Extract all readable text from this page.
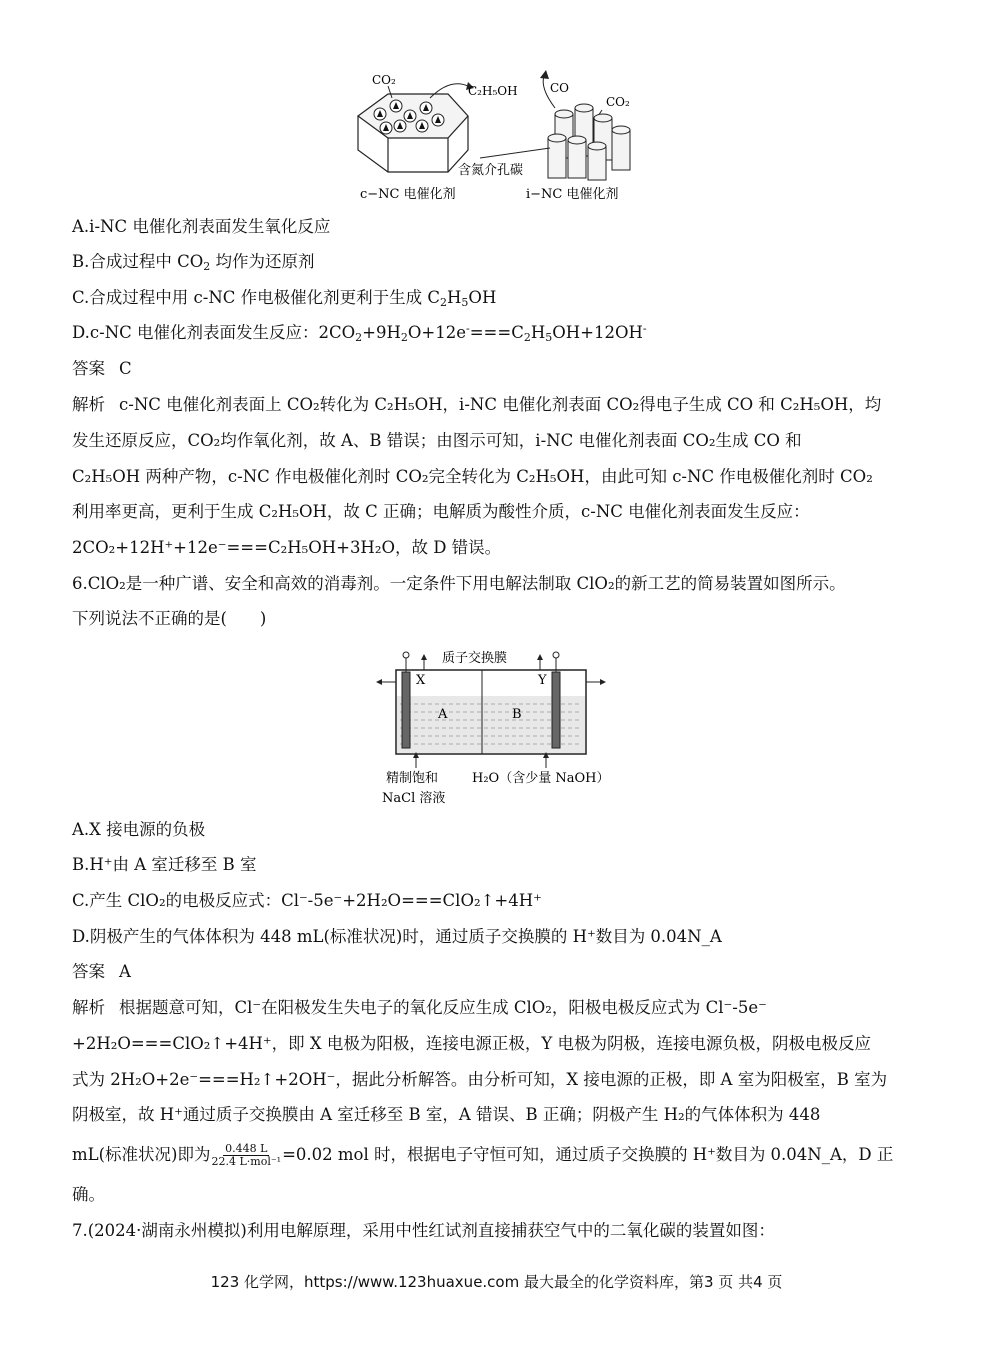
CO₂
C₂H₅OH	CO
CO₂
含氮介孔碳
c−NC 电催化剂	i−NC 电催化剂
A.i-NC 电催化剂表面发生氧化反应
B.合成过程中 $CO_2$ 均作为还原剂
C.合成过程中用 c-NC 作电极催化剂更利于生成 $C_2H_5OH$
D.c-NC 电催化剂表面发生反应：$2CO_2+9H_2O+12e^-===C_2H_5OH+12OH^-$
答案 C
解析 c-NC 电催化剂表面上 CO₂转化为 C₂H₅OH，i-NC 电催化剂表面 CO₂得电子生成 CO 和 C₂H₅OH，均
发生还原反应，CO₂均作氧化剂，故 A、B 错误；由图示可知，i-NC 电催化剂表面 CO₂生成 CO 和
C₂H₅OH 两种产物，c-NC 作电极催化剂时 CO₂完全转化为 C₂H₅OH，由此可知 c-NC 作电极催化剂时 CO₂
利用率更高，更利于生成 C₂H₅OH，故 C 正确；电解质为酸性介质，c-NC 电催化剂表面发生反应：
2CO₂+12H⁺+12e⁻===C₂H₅OH+3H₂O，故 D 错误。
6.ClO₂是一种广谱、安全和高效的消毒剂。一定条件下用电解法制取 ClO₂的新工艺的简易装置如图所示。
下列说法不正确的是(　　)
质子交换膜
X	Y
A	B
精制饱和
NaCl 溶液
H₂O（含少量 NaOH）
A.X 接电源的负极
B.H⁺由 A 室迁移至 B 室
C.产生 ClO₂的电极反应式：Cl⁻-5e⁻+2H₂O===ClO₂↑+4H⁺
D.阴极产生的气体体积为 448 mL(标准状况)时，通过质子交换膜的 H⁺数目为 0.04N_A
答案 A
解析 根据题意可知，Cl⁻在阳极发生失电子的氧化反应生成 ClO₂，阳极电极反应式为 Cl⁻-5e⁻
+2H₂O===ClO₂↑+4H⁺，即 X 电极为阳极，连接电源正极，Y 电极为阴极，连接电源负极，阴极电极反应
式为 2H₂O+2e⁻===H₂↑+2OH⁻，据此分析解答。由分析可知，X 接电源的正极，即 A 室为阳极室，B 室为
阴极室，故 H⁺通过质子交换膜由 A 室迁移至 B 室，A 错误、B 正确；阴极产生 H₂的气体体积为 448
mL(标准状况)即为 $\frac{0.448 L}{\text{22.4 L·mol⁻¹}} =0.02$ mol 时，根据电子守恒可知，通过质子交换膜的 H⁺数目为 0.04N_A，D 正
确。
7.(2024·湖南永州模拟)利用电解原理，采用中性红试剂直接捕获空气中的二氧化碳的装置如图：
123 化学网，https://www.123huaxue.com 最大最全的化学资料库，第3 页 共4 页
